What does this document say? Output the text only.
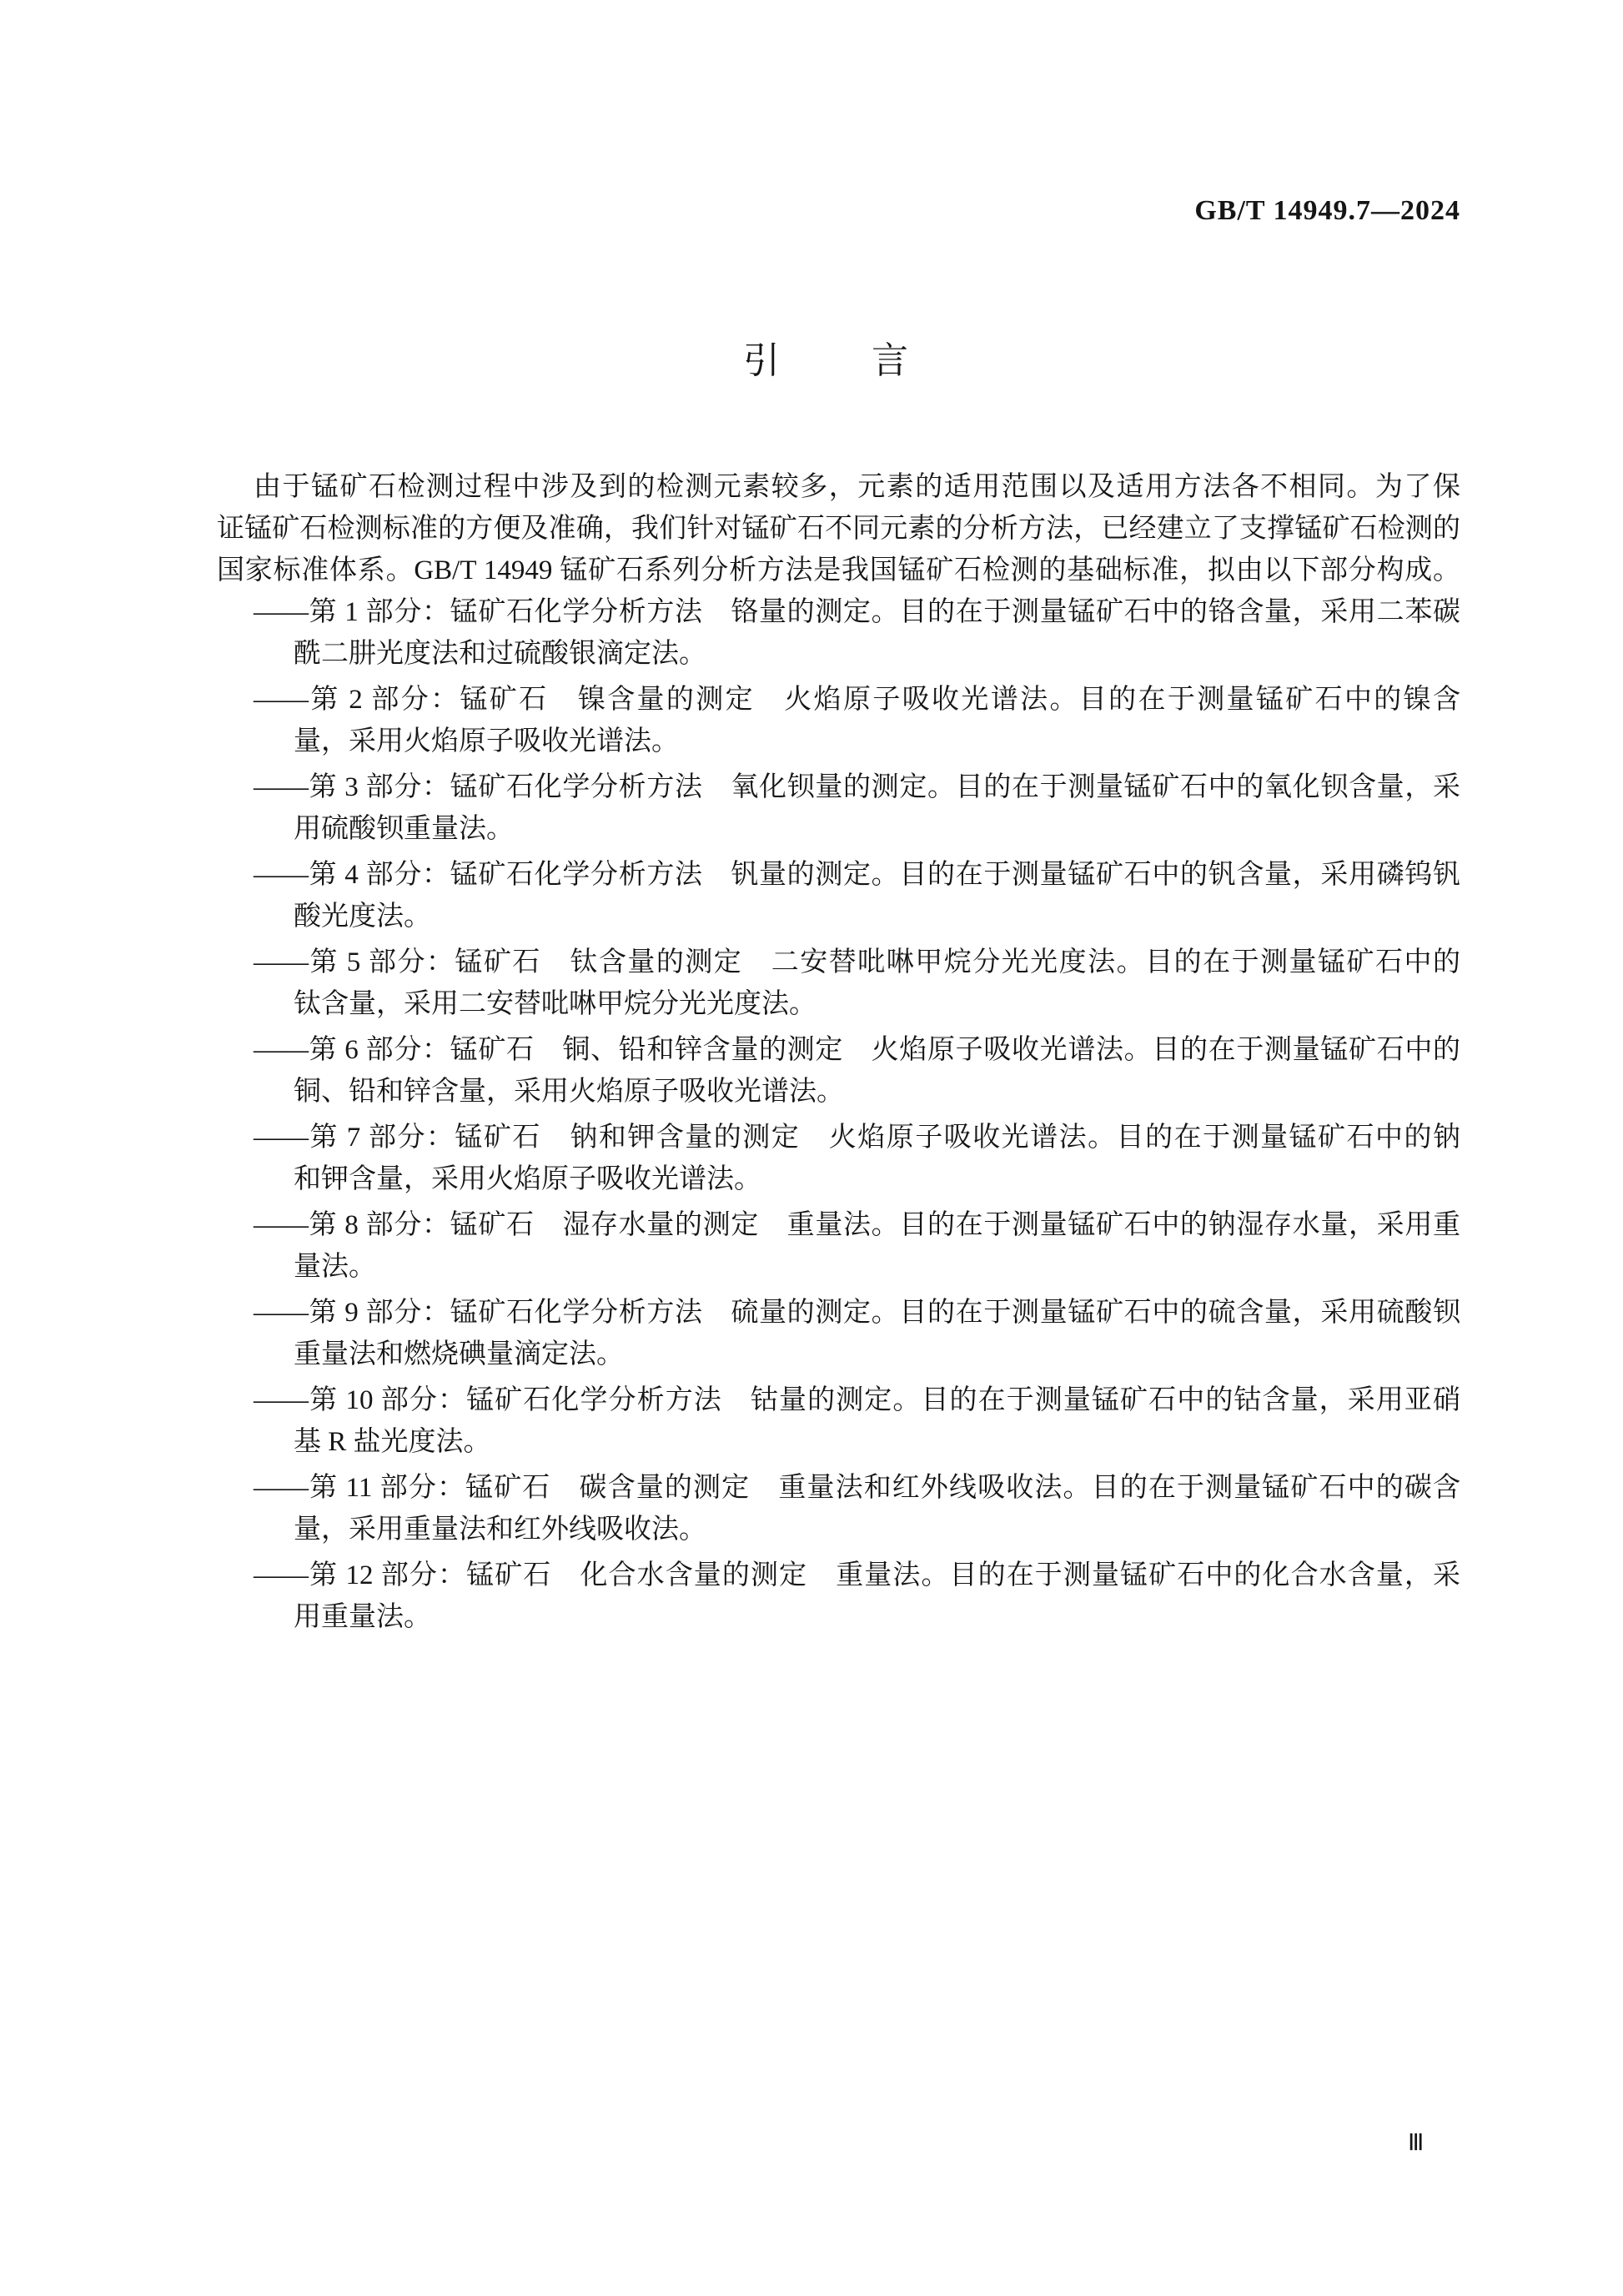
GB/T 14949.7—2024
引言
由于锰矿石检测过程中涉及到的检测元素较多，元素的适用范围以及适用方法各不相同。为了保
证锰矿石检测标准的方便及准确，我们针对锰矿石不同元素的分析方法，已经建立了支撑锰矿石检测的
国家标准体系。GB/T 14949 锰矿石系列分析方法是我国锰矿石检测的基础标准，拟由以下部分构成。
——第 1 部分：锰矿石化学分析方法　铬量的测定。目的在于测量锰矿石中的铬含量，采用二苯碳
酰二肼光度法和过硫酸银滴定法。
——第 2 部分：锰矿石　镍含量的测定　火焰原子吸收光谱法。目的在于测量锰矿石中的镍含
量，采用火焰原子吸收光谱法。
——第 3 部分：锰矿石化学分析方法　氧化钡量的测定。目的在于测量锰矿石中的氧化钡含量，采
用硫酸钡重量法。
——第 4 部分：锰矿石化学分析方法　钒量的测定。目的在于测量锰矿石中的钒含量，采用磷钨钒
酸光度法。
——第 5 部分：锰矿石　钛含量的测定　二安替吡啉甲烷分光光度法。目的在于测量锰矿石中的
钛含量，采用二安替吡啉甲烷分光光度法。
——第 6 部分：锰矿石　铜、铅和锌含量的测定　火焰原子吸收光谱法。目的在于测量锰矿石中的
铜、铅和锌含量，采用火焰原子吸收光谱法。
——第 7 部分：锰矿石　钠和钾含量的测定　火焰原子吸收光谱法。目的在于测量锰矿石中的钠
和钾含量，采用火焰原子吸收光谱法。
——第 8 部分：锰矿石　湿存水量的测定　重量法。目的在于测量锰矿石中的钠湿存水量，采用重
量法。
——第 9 部分：锰矿石化学分析方法　硫量的测定。目的在于测量锰矿石中的硫含量，采用硫酸钡
重量法和燃烧碘量滴定法。
——第 10 部分：锰矿石化学分析方法　钴量的测定。目的在于测量锰矿石中的钴含量，采用亚硝
基 R 盐光度法。
——第 11 部分：锰矿石　碳含量的测定　重量法和红外线吸收法。目的在于测量锰矿石中的碳含
量，采用重量法和红外线吸收法。
——第 12 部分：锰矿石　化合水含量的测定　重量法。目的在于测量锰矿石中的化合水含量，采
用重量法。
Ⅲ
